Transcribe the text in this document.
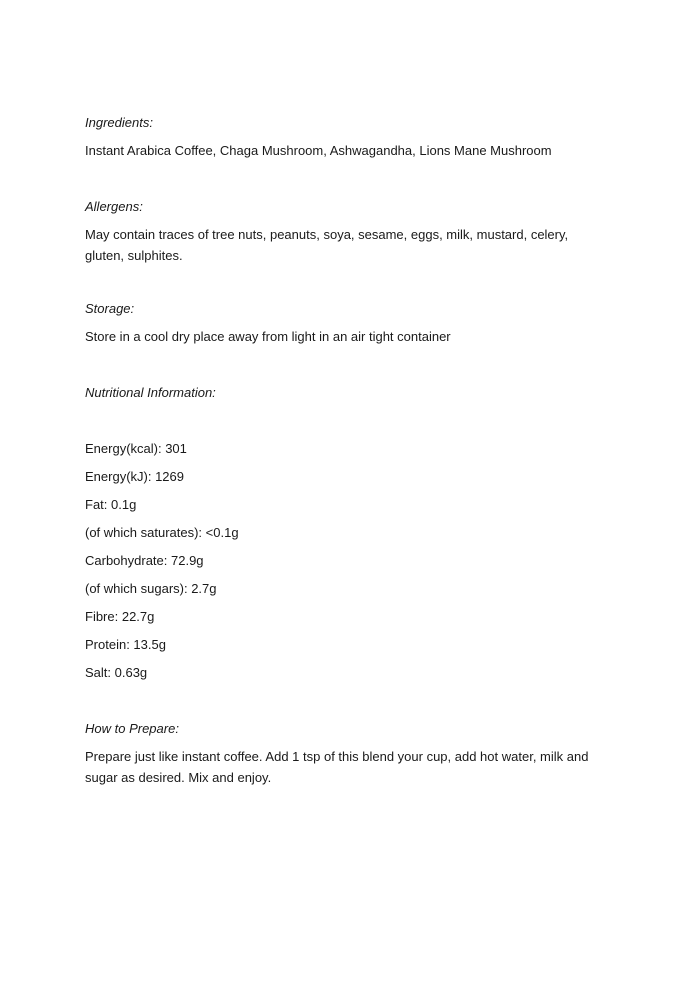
Ingredients:
Instant Arabica Coffee, Chaga Mushroom, Ashwagandha, Lions Mane Mushroom
Allergens:
May contain traces of tree nuts, peanuts, soya, sesame, eggs, milk, mustard, celery, gluten, sulphites.
Storage:
Store in a cool dry place away from light in an air tight container
Nutritional Information:
Energy(kcal): 301
Energy(kJ): 1269
Fat: 0.1g
(of which saturates): <0.1g
Carbohydrate: 72.9g
(of which sugars): 2.7g
Fibre: 22.7g
Protein: 13.5g
Salt: 0.63g
How to Prepare:
Prepare just like instant coffee. Add 1 tsp of this blend your cup, add hot water, milk and sugar as desired. Mix and enjoy.
